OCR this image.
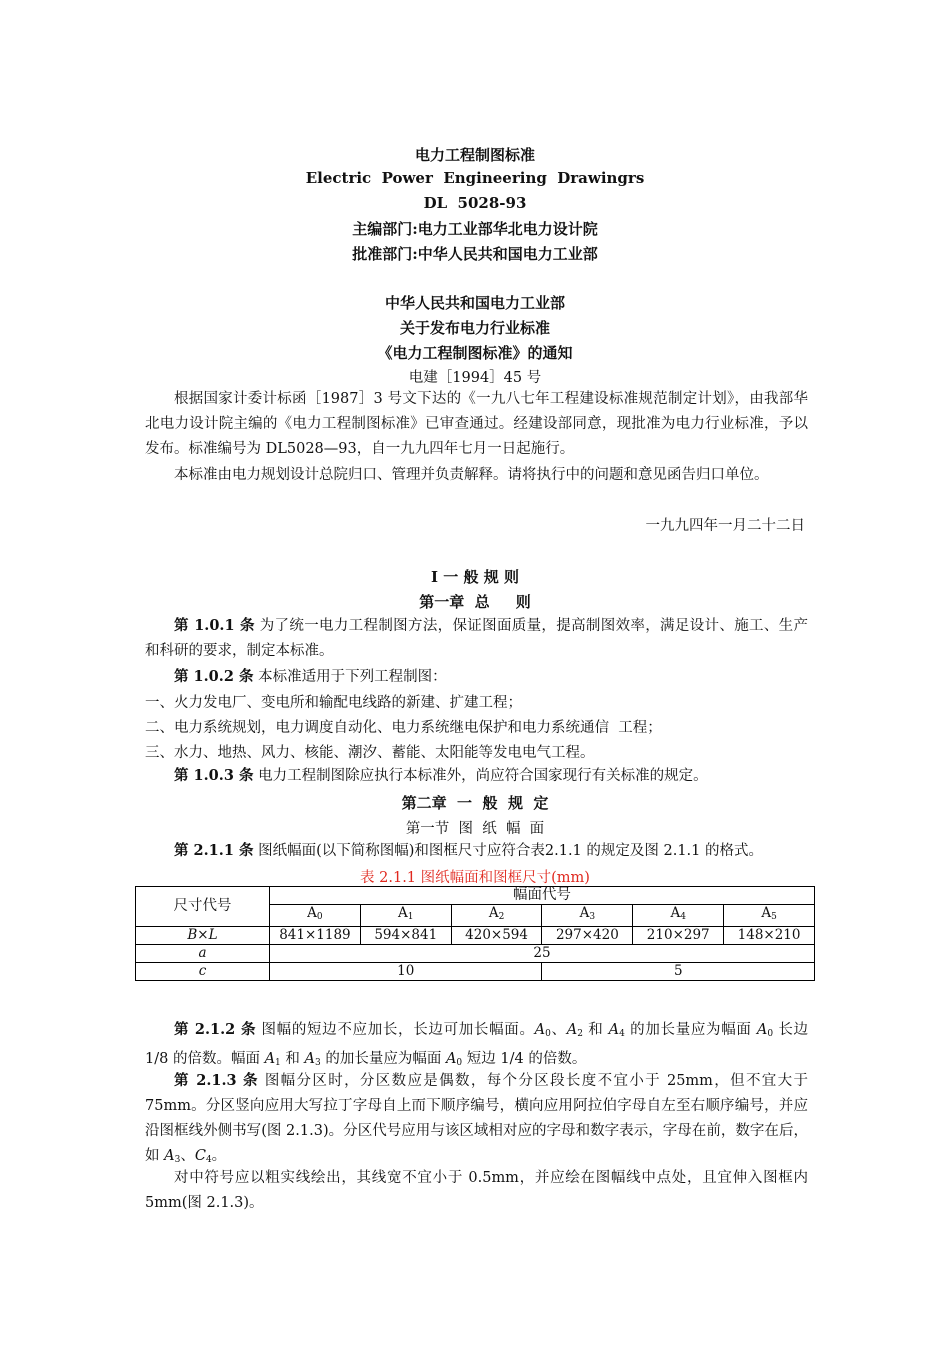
电力工程制图标准
Electric  Power  Engineering  Drawingrs
DL  5028-93
主编部门:电力工业部华北电力设计院
批准部门:中华人民共和国电力工业部
中华人民共和国电力工业部
关于发布电力行业标准
《电力工程制图标准》的通知
电建［1994］45 号

根据国家计委计标函［1987］3 号文下达的《一九八七年工程建设标准规范制定计划》，由我部华北电力设计院主编的《电力工程制图标准》已审查通过。经建设部同意，现批准为电力行业标准，予以发布。标准编号为 DL5028—93，自一九九四年七月一日起施行。

本标准由电力规划设计总院归口、管理并负责解释。请将执行中的问题和意见函告归口单位。

一九九四年一月二十二日
Ⅰ 一 般 规 则
第一章  总     则

第 1.0.1 条 为了统一电力工程制图方法，保证图面质量，提高制图效率，满足设计、施工、生产和科研的要求，制定本标准。

第 1.0.2 条 本标准适用于下列工程制图：

一、火力发电厂、变电所和输配电线路的新建、扩建工程；
二、电力系统规划，电力调度自动化、电力系统继电保护和电力系统通信  工程；
三、水力、地热、风力、核能、潮汐、蓄能、太阳能等发电电气工程。

第 1.0.3 条 电力工程制图除应执行本标准外，尚应符合国家现行有关标准的规定。

第二章  一  般  规  定
第一节  图  纸  幅  面

第 2.1.1 条 图纸幅面(以下简称图幅)和图框尺寸应符合表2.1.1 的规定及图 2.1.1 的格式。

表 2.1.1 图纸幅面和图框尺寸(mm)
尺寸代号	幅面代号					
	$A_0$	$A_1$	$A_2$	$A_3$	$A_4$	$A_5$
B×L	841×1189	594×841	420×594	297×420	210×297	148×210
a	25					
c	10			5		

第 2.1.2 条 图幅的短边不应加长，长边可加长幅面。$A_0$、$A_2$ 和 $A_4$ 的加长量应为幅面 $A_0$ 长边 1/8 的倍数。幅面 $A_1$ 和 $A_3$ 的加长量应为幅面 $A_0$ 短边 1/4 的倍数。

第 2.1.3 条 图幅分区时，分区数应是偶数，每个分区段长度不宜小于 25mm，但不宜大于 75mm。分区竖向应用大写拉丁字母自上而下顺序编号，横向应用阿拉伯字母自左至右顺序编号，并应沿图框线外侧书写(图 2.1.3)。分区代号应用与该区域相对应的字母和数字表示，字母在前，数字在后，如 $A_3$、$C_4$。

对中符号应以粗实线绘出，其线宽不宜小于 0.5mm，并应绘在图幅线中点处，且宜伸入图框内 5mm(图 2.1.3)。
